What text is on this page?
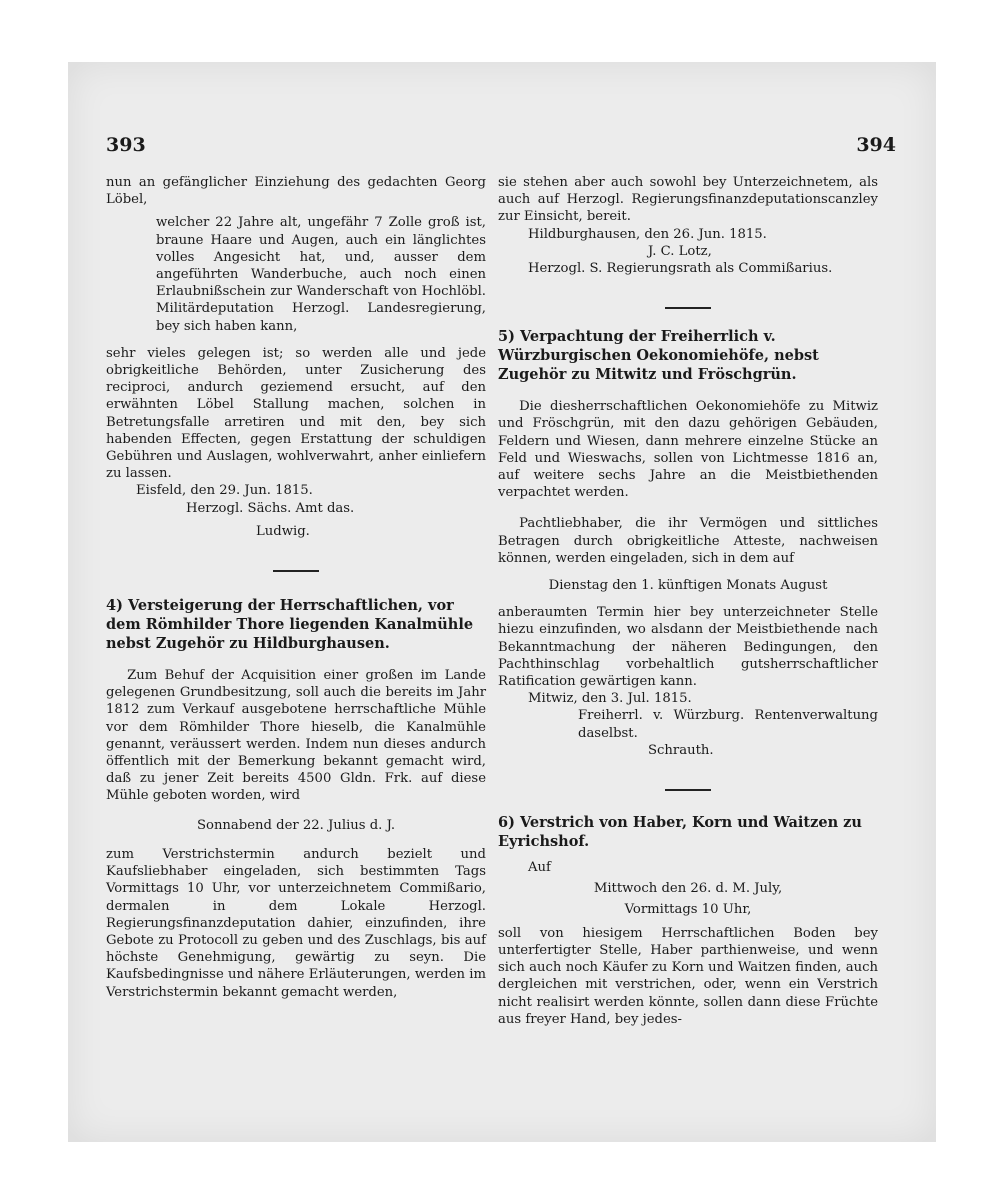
393	394

nun an gefänglicher Einziehung des gedachten Georg Löbel,

welcher 22 Jahre alt, ungefähr 7 Zolle groß ist, braune Haare und Augen, auch ein länglichtes volles Angesicht hat, und, ausser dem angeführten Wanderbuche, auch noch einen Erlaubnißschein zur Wanderschaft von Hochlöbl. Militärdeputation Herzogl. Landesregierung, bey sich haben kann,

sehr vieles gelegen ist; so werden alle und jede obrigkeitliche Behörden, unter Zusicherung des reciproci, andurch geziemend ersucht, auf den erwähnten Löbel Stallung machen, solchen in Betretungsfalle arretiren und mit den, bey sich habenden Effecten, gegen Erstattung der schuldigen Gebühren und Auslagen, wohlverwahrt, anher einliefern zu lassen.

Eisfeld, den 29. Jun. 1815.

Herzogl. Sächs. Amt das.

Ludwig.

4) Versteigerung der Herrschaftlichen, vor dem Römhilder Thore liegenden Kanalmühle nebst Zugehör zu Hildburghausen.

Zum Behuf der Acquisition einer großen im Lande gelegenen Grundbesitzung, soll auch die bereits im Jahr 1812 zum Verkauf ausgebotene herrschaftliche Mühle vor dem Römhilder Thore hieselb, die Kanalmühle genannt, veräussert werden. Indem nun dieses andurch öffentlich mit der Bemerkung bekannt gemacht wird, daß zu jener Zeit bereits 4500 Gldn. Frk. auf diese Mühle geboten worden, wird

Sonnabend der 22. Julius d. J.

zum Verstrichstermin andurch bezielt und Kaufsliebhaber eingeladen, sich bestimmten Tags Vormittags 10 Uhr, vor unterzeichnetem Commißario, dermalen in dem Lokale Herzogl. Regierungsfinanzdeputation dahier, einzufinden, ihre Gebote zu Protocoll zu geben und des Zuschlags, bis auf höchste Genehmigung, gewärtig zu seyn. Die Kaufsbedingnisse und nähere Erläuterungen, werden im Verstrichstermin bekannt gemacht werden,

sie stehen aber auch sowohl bey Unterzeichnetem, als auch auf Herzogl. Regierungsfinanzdeputationscanzley zur Einsicht, bereit.

Hildburghausen, den 26. Jun. 1815.

J. C. Lotz,

Herzogl. S. Regierungsrath als Commißarius.

5) Verpachtung der Freiherrlich v. Würzburgischen Oekonomiehöfe, nebst Zugehör zu Mitwitz und Fröschgrün.

Die diesherrschaftlichen Oekonomiehöfe zu Mitwiz und Fröschgrün, mit den dazu gehörigen Gebäuden, Feldern und Wiesen, dann mehrere einzelne Stücke an Feld und Wieswachs, sollen von Lichtmesse 1816 an, auf weitere sechs Jahre an die Meistbiethenden verpachtet werden.

Pachtliebhaber, die ihr Vermögen und sittliches Betragen durch obrigkeitliche Atteste, nachweisen können, werden eingeladen, sich in dem auf

Dienstag den 1. künftigen Monats August

anberaumten Termin hier bey unterzeichneter Stelle hiezu einzufinden, wo alsdann der Meistbiethende nach Bekanntmachung der näheren Bedingungen, den Pachthinschlag vorbehaltlich gutsherrschaftlicher Ratification gewärtigen kann.

Mitwiz, den 3. Jul. 1815.

Freiherrl. v. Würzburg. Rentenverwaltung daselbst.

Schrauth.

6) Verstrich von Haber, Korn und Waitzen zu Eyrichshof.

Auf

Mittwoch den 26. d. M. July,

Vormittags 10 Uhr,

soll von hiesigem Herrschaftlichen Boden bey unterfertigter Stelle, Haber parthienweise, und wenn sich auch noch Käufer zu Korn und Waitzen finden, auch dergleichen mit verstrichen, oder, wenn ein Verstrich nicht realisirt werden könnte, sollen dann diese Früchte aus freyer Hand, bey jedes-
